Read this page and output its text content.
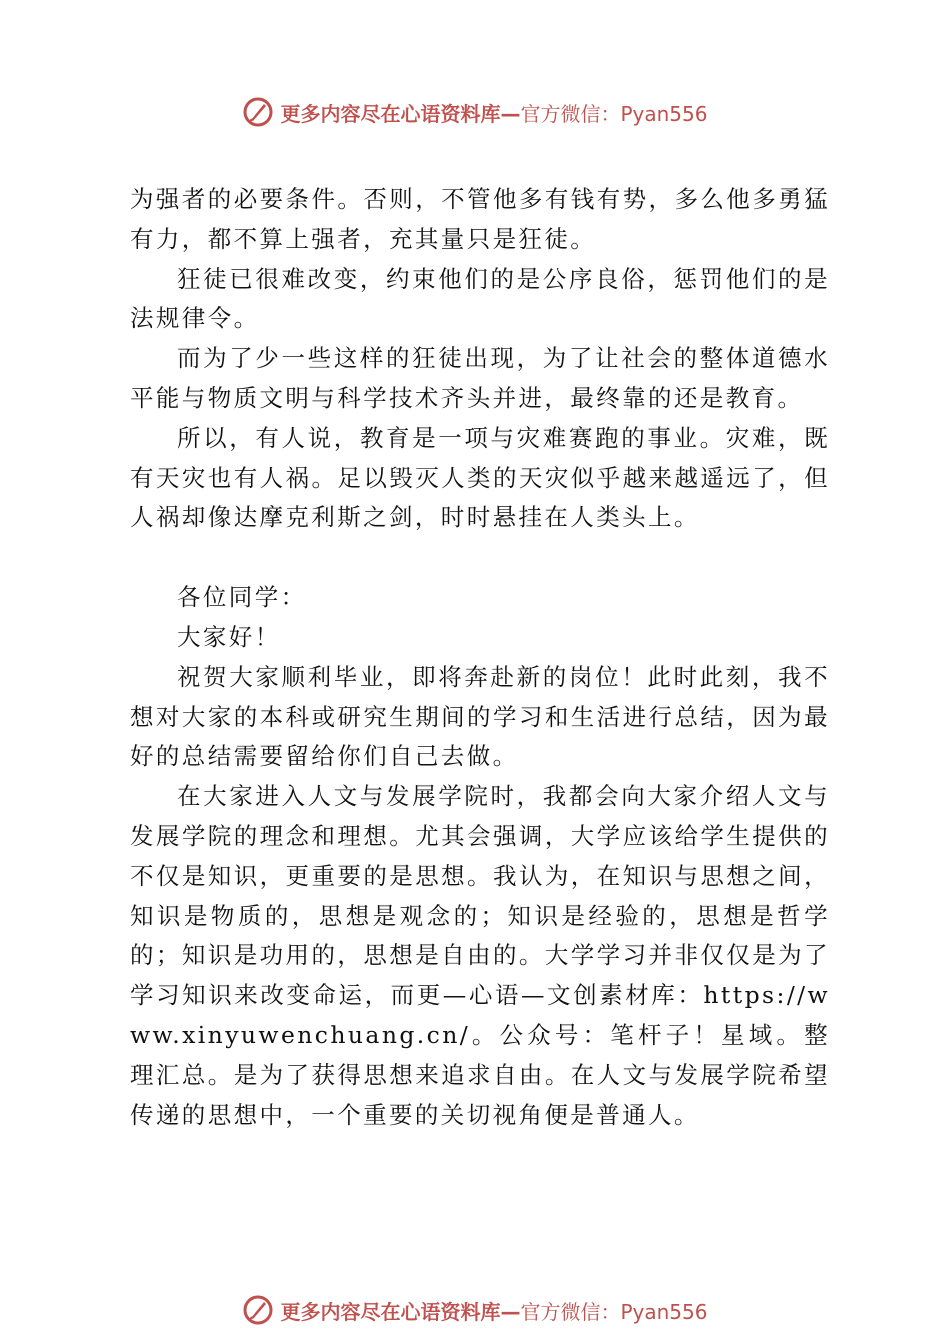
更多内容尽在心语资料库—官方微信：Pyan556

为强者的必要条件。否则，不管他多有钱有势，多么他多勇猛有力，都不算上强者，充其量只是狂徒。

狂徒已很难改变，约束他们的是公序良俗，惩罚他们的是法规律令。

而为了少一些这样的狂徒出现，为了让社会的整体道德水平能与物质文明与科学技术齐头并进，最终靠的还是教育。

所以，有人说，教育是一项与灾难赛跑的事业。灾难，既有天灾也有人祸。足以毁灭人类的天灾似乎越来越遥远了，但人祸却像达摩克利斯之剑，时时悬挂在人类头上。

各位同学：

大家好！

祝贺大家顺利毕业，即将奔赴新的岗位！此时此刻，我不想对大家的本科或研究生期间的学习和生活进行总结，因为最好的总结需要留给你们自己去做。

在大家进入人文与发展学院时，我都会向大家介绍人文与发展学院的理念和理想。尤其会强调，大学应该给学生提供的不仅是知识，更重要的是思想。我认为，在知识与思想之间，知识是物质的，思想是观念的；知识是经验的，思想是哲学的；知识是功用的，思想是自由的。大学学习并非仅仅是为了学习知识来改变命运，而更—心语—文创素材库：https://www.xinyuwenchuang.cn/。公众号：笔杆子！星域。整理汇总。是为了获得思想来追求自由。在人文与发展学院希望传递的思想中，一个重要的关切视角便是普通人。

更多内容尽在心语资料库—官方微信：Pyan556
